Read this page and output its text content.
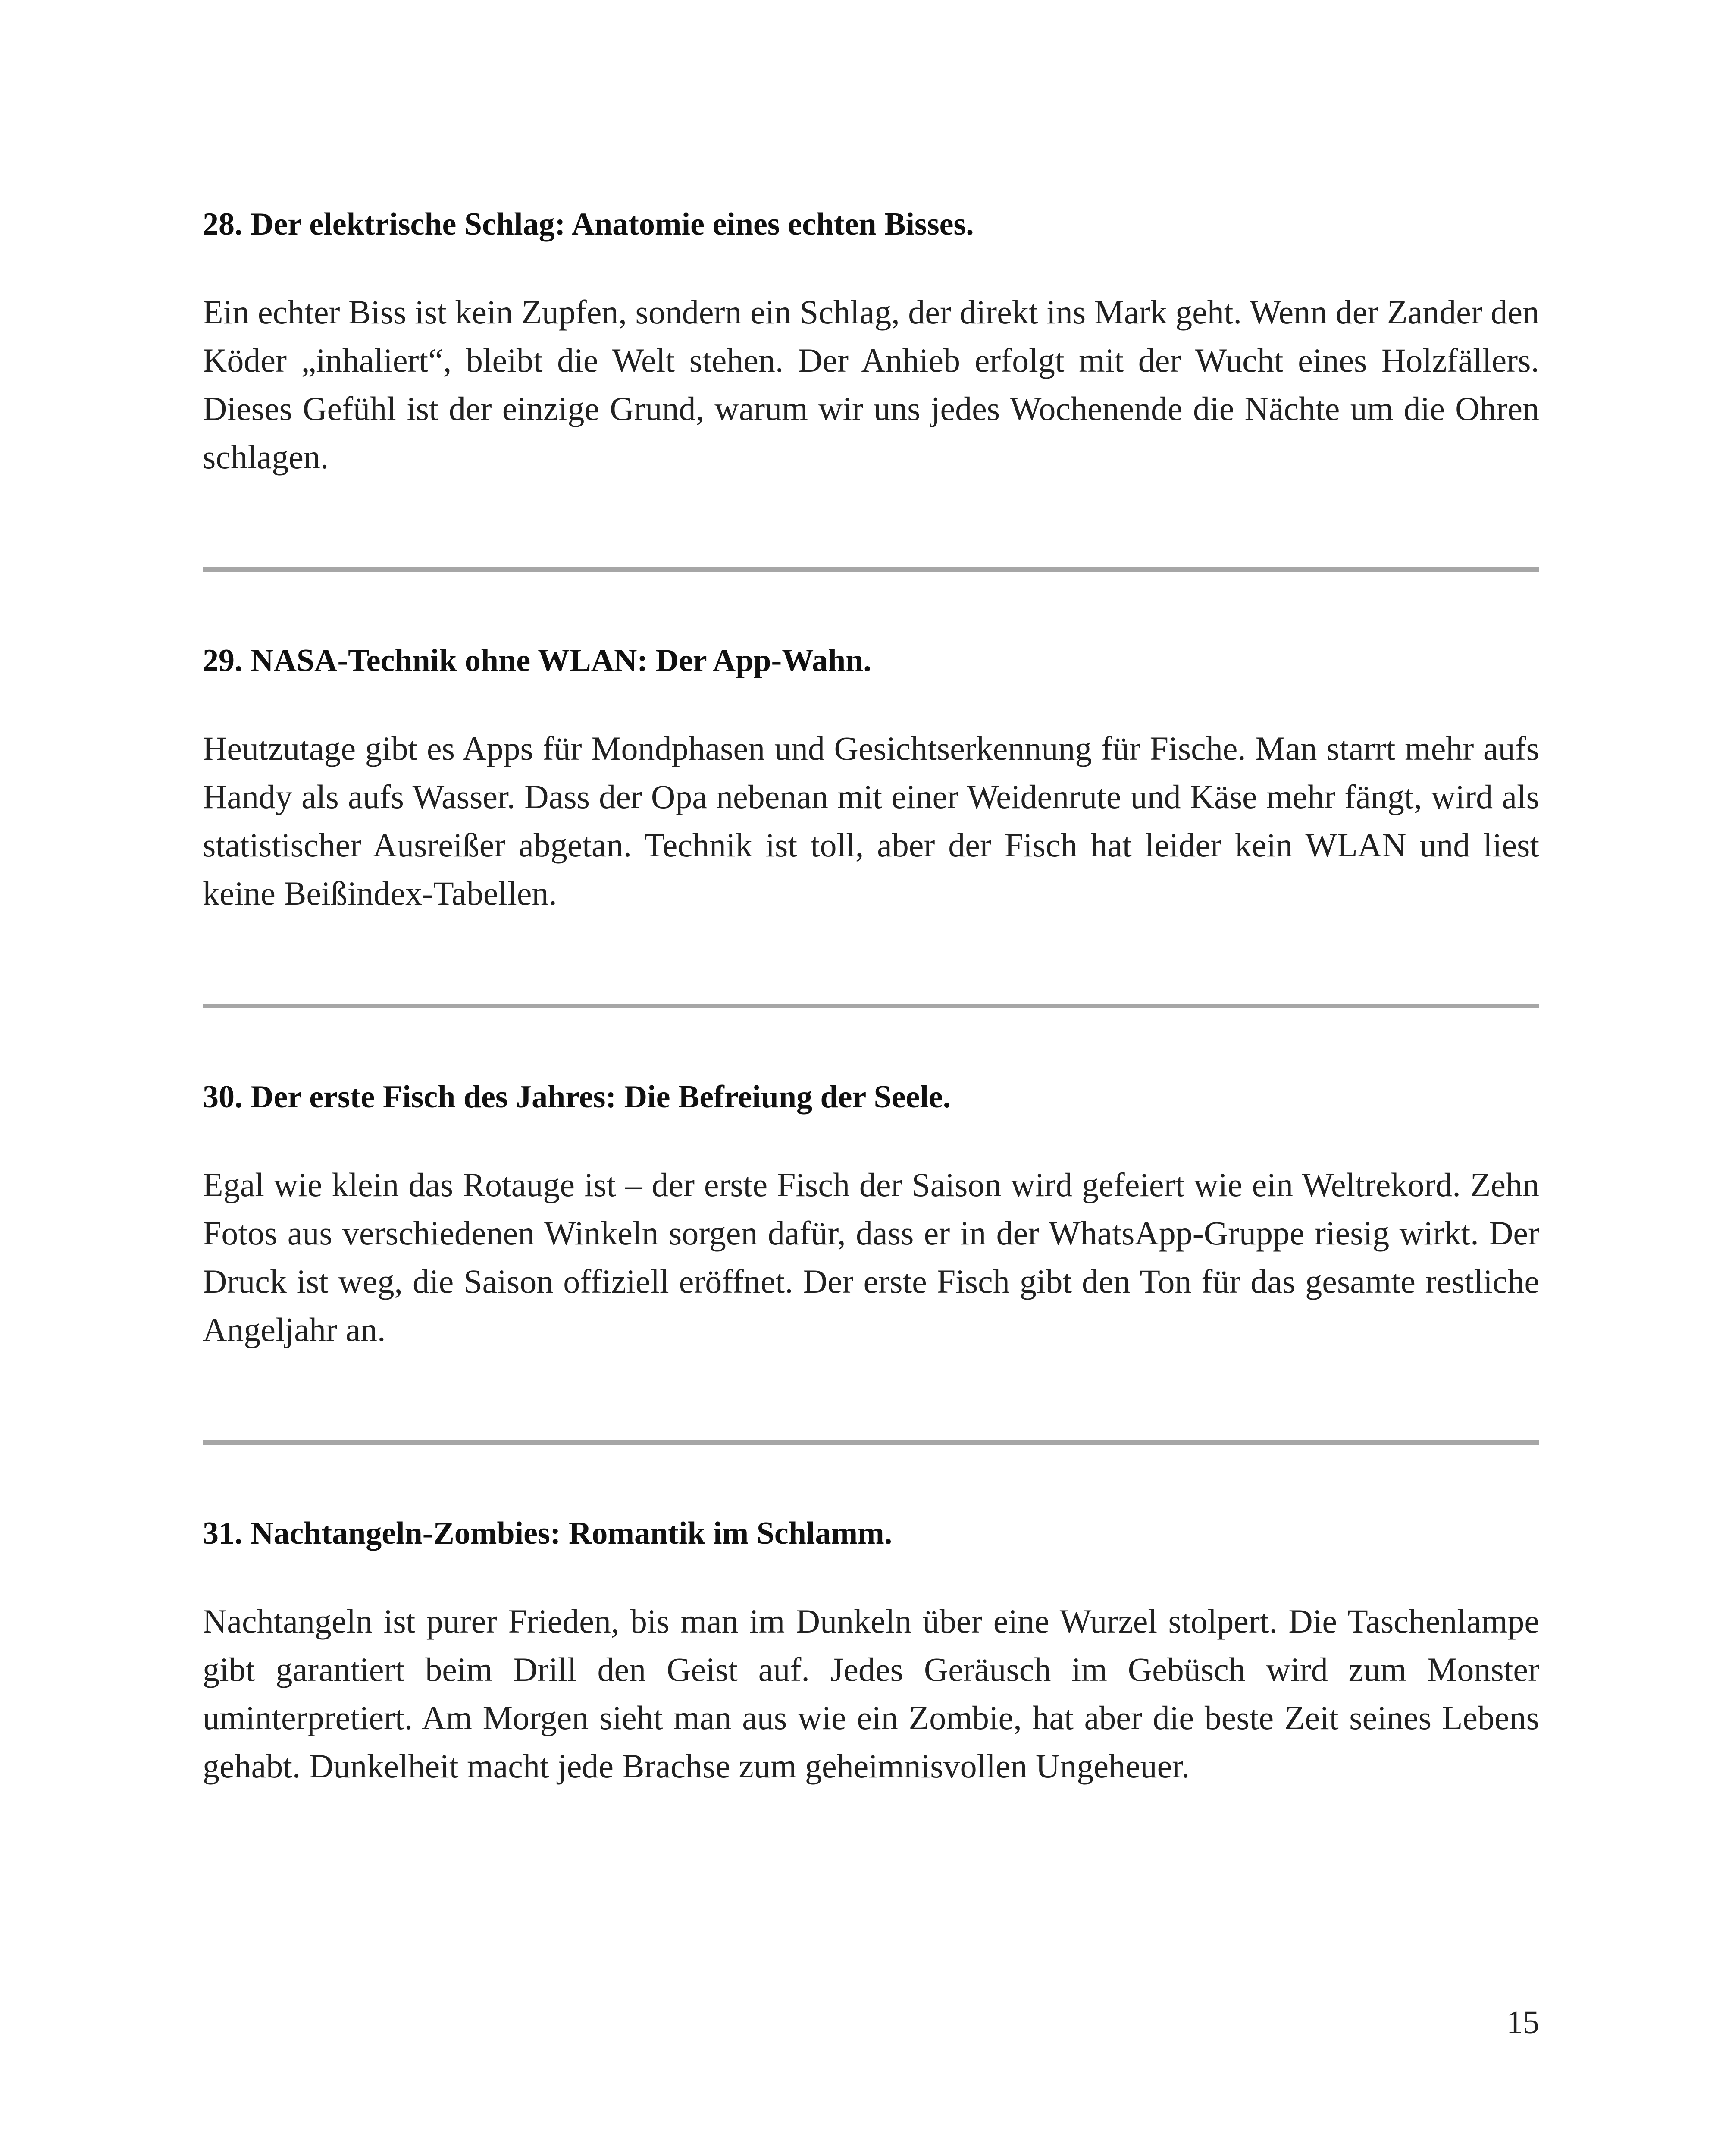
28. Der elektrische Schlag: Anatomie eines echten Bisses.

Ein echter Biss ist kein Zupfen, sondern ein Schlag, der direkt ins Mark geht. Wenn der Zander den Köder „inhaliert“, bleibt die Welt stehen. Der Anhieb erfolgt mit der Wucht eines Holzfällers. Dieses Gefühl ist der einzige Grund, warum wir uns jedes Wochenende die Nächte um die Ohren schlagen.

29. NASA-Technik ohne WLAN: Der App-Wahn.

Heutzutage gibt es Apps für Mondphasen und Gesichtserkennung für Fische. Man starrt mehr aufs Handy als aufs Wasser. Dass der Opa nebenan mit einer Weidenrute und Käse mehr fängt, wird als statistischer Ausreißer abgetan. Technik ist toll, aber der Fisch hat leider kein WLAN und liest keine Beißindex-Tabellen.

30. Der erste Fisch des Jahres: Die Befreiung der Seele.

Egal wie klein das Rotauge ist – der erste Fisch der Saison wird gefeiert wie ein Weltrekord. Zehn Fotos aus verschiedenen Winkeln sorgen dafür, dass er in der WhatsApp-Gruppe riesig wirkt. Der Druck ist weg, die Saison offiziell eröffnet. Der erste Fisch gibt den Ton für das gesamte restliche Angeljahr an.

31. Nachtangeln-Zombies: Romantik im Schlamm.

Nachtangeln ist purer Frieden, bis man im Dunkeln über eine Wurzel stolpert. Die Taschenlampe gibt garantiert beim Drill den Geist auf. Jedes Geräusch im Gebüsch wird zum Monster uminterpretiert. Am Morgen sieht man aus wie ein Zombie, hat aber die beste Zeit seines Lebens gehabt. Dunkelheit macht jede Brachse zum geheimnisvollen Ungeheuer.

15
